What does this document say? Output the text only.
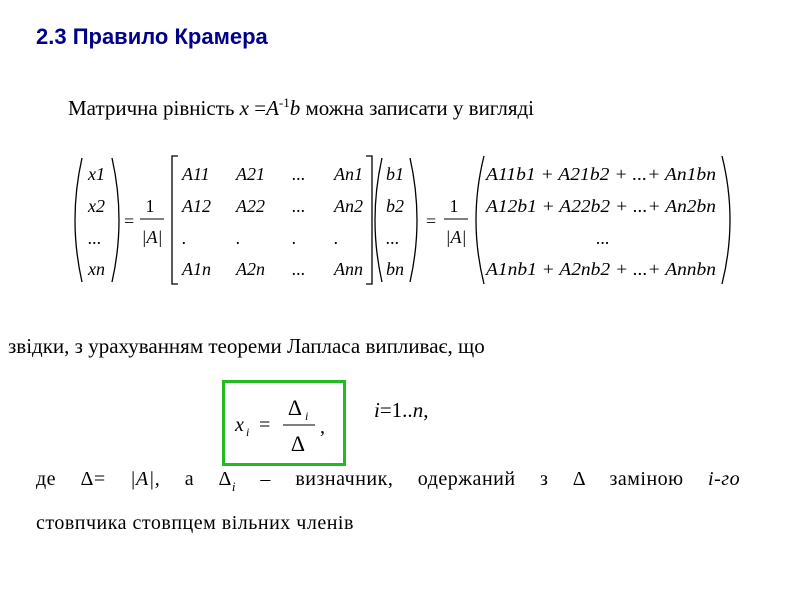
2.3 Правило Крамера
Матрична рівність $x =A^{-1}b$ можна записати у вигляді
x1
x2
...
xn
=
1
|A|
A11 A21 ... An1
A12 A22 ... An2
.	.	. .
A1n A2n ... Ann
b1
b2
...
bn
=
1
|A|
A11b1 + A21b2 + ...+ An1bn
A12b1 + A22b2 + ...+ An2bn
...
A1nb1 + A2nb2 + ...+ Annbn
звідки, з урахуванням теореми Лапласа випливає, що
x i =
Δ i
Δ
,
i=1..n,
де Δ= |A|, а $\Delta_i$ – визначник, одержаний з Δ заміною i-го
стовпчика стовпцем вільних членів
